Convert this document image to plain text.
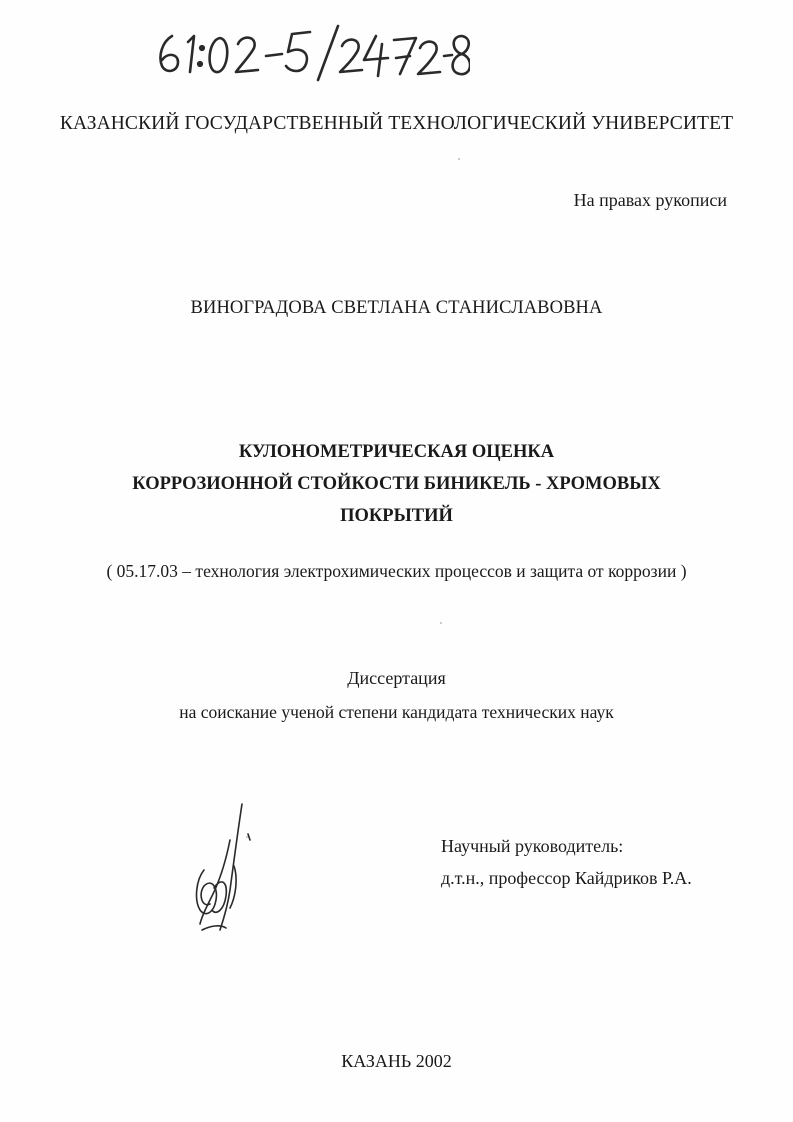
КАЗАНСКИЙ ГОСУДАРСТВЕННЫЙ ТЕХНОЛОГИЧЕСКИЙ УНИВЕРСИТЕТ
На правах рукописи
ВИНОГРАДОВА СВЕТЛАНА СТАНИСЛАВОВНА
КУЛОНОМЕТРИЧЕСКАЯ ОЦЕНКА
КОРРОЗИОННОЙ СТОЙКОСТИ БИНИКЕЛЬ - ХРОМОВЫХ
ПОКРЫТИЙ
( 05.17.03 – технология электрохимических процессов и защита от коррозии )
Диссертация
на соискание ученой степени кандидата технических наук
Научный руководитель:
д.т.н., профессор Кайдриков Р.А.
КАЗАНЬ 2002
